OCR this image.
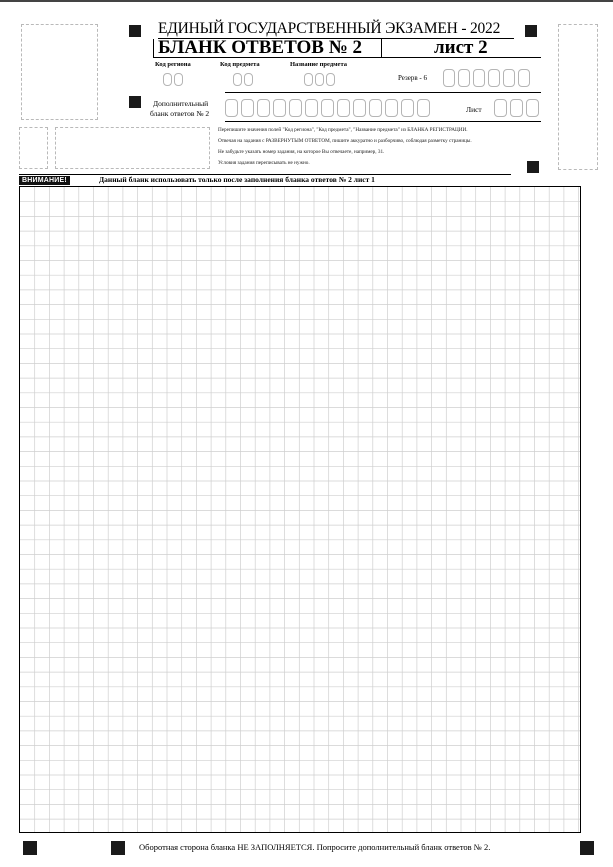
ЕДИНЫЙ ГОСУДАРСТВЕННЫЙ ЭКЗАМЕН - 2022
БЛАНК ОТВЕТОВ № 2	лист 2
Код региона	Код предмета	Название предмета
Резерв - 6
Дополнительный
бланк ответов № 2	Лист
Перепишите значения полей "Код региона", "Код предмета", "Название предмета" из БЛАНКА РЕГИСТРАЦИИ.
Отвечая на задания с РАЗВЕРНУТЫМ ОТВЕТОМ, пишите аккуратно и разборчиво, соблюдая разметку страницы.
Не забудьте указать номер задания, на которое Вы отвечаете, например, 31.
Условия задания переписывать не нужно.
ВНИМАНИЕ!	Данный бланк использовать только после заполнения бланка ответов № 2 лист 1
Оборотная сторона бланка НЕ ЗАПОЛНЯЕТСЯ. Попросите дополнительный бланк ответов № 2.
